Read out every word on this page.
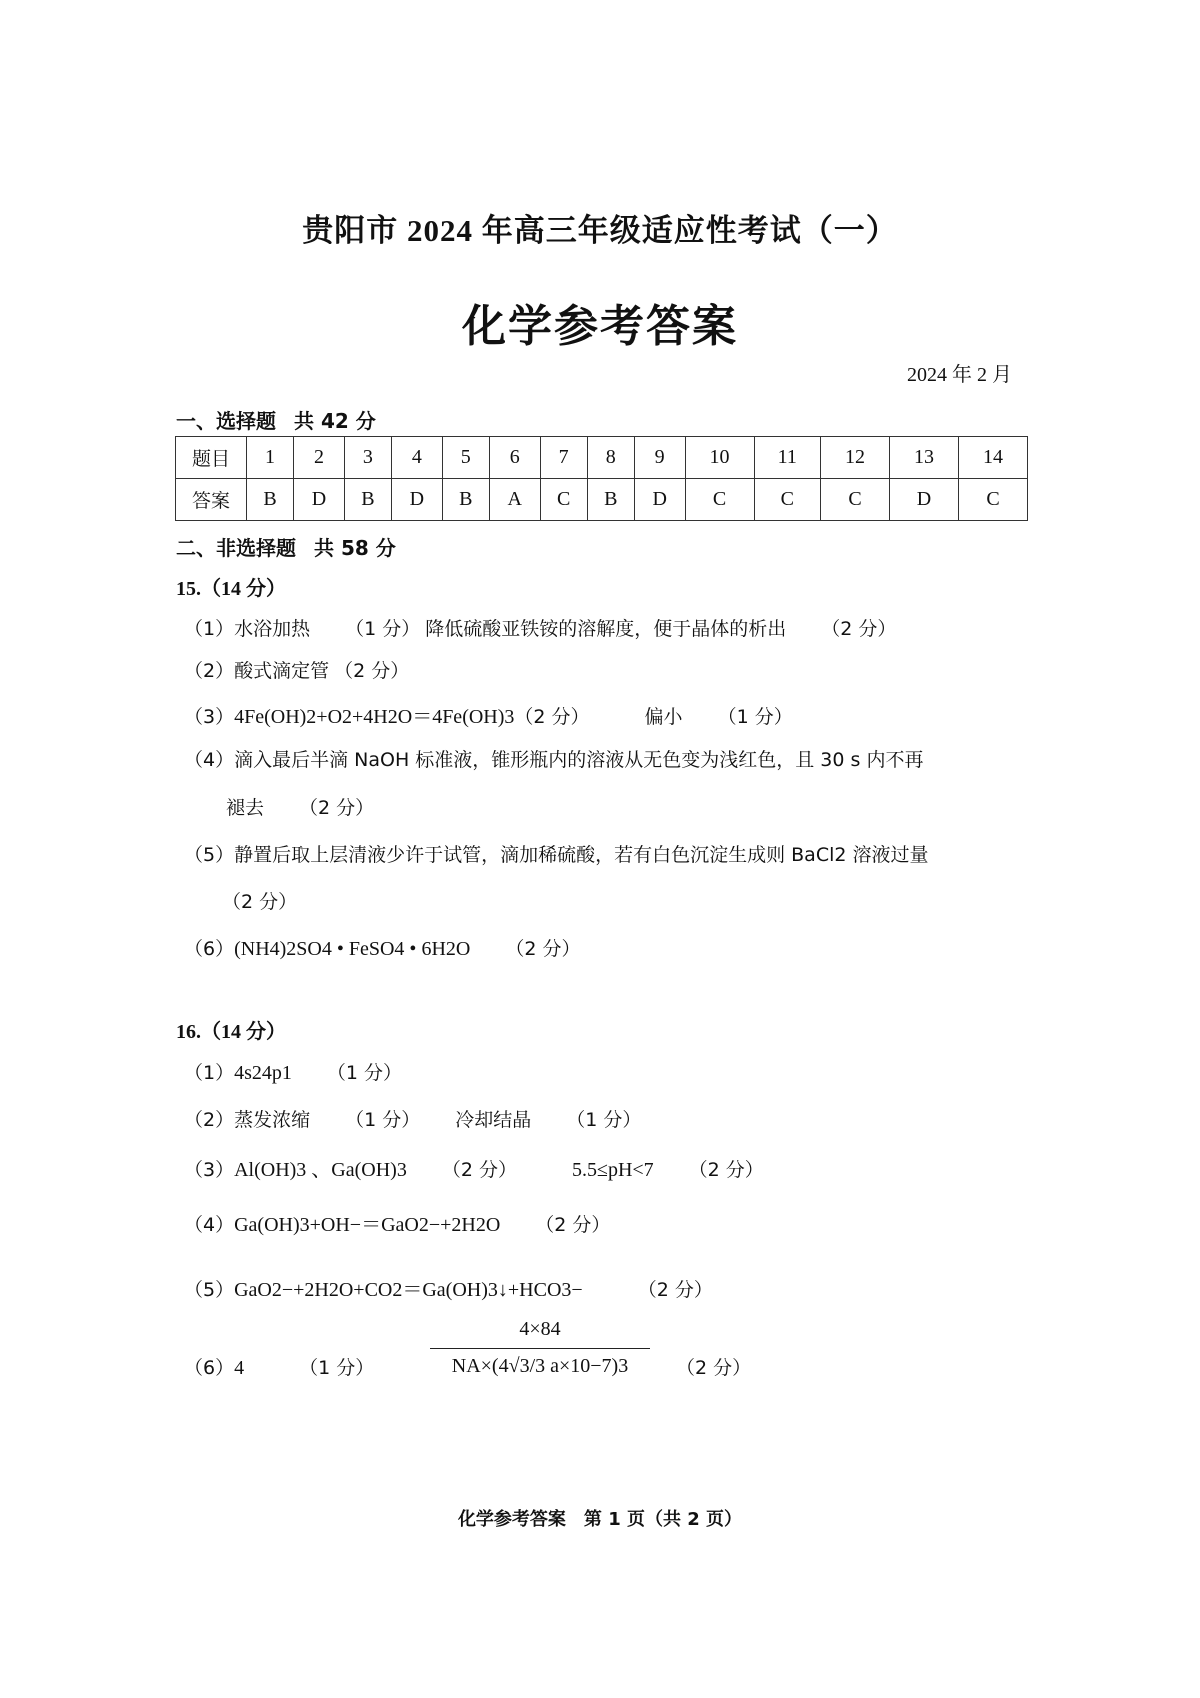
贵阳市 2024 年高三年级适应性考试（一）
化学参考答案
2024 年 2 月
一、选择题 共 42 分
题目	1	2	3	4	5	6	7	8	9	10	11	12	13	14
答案	B	D	B	D	B	A	C	B	D	C	C	C	D	C
二、非选择题 共 58 分
15.（14 分）
（1）水浴加热 （1 分） 降低硫酸亚铁铵的溶解度，便于晶体的析出 （2 分）
（2）酸式滴定管 （2 分）
（3）4Fe(OH)2+O2+4H2O＝4Fe(OH)3（2 分）	偏小 （1 分）
（4）滴入最后半滴 NaOH 标准液，锥形瓶内的溶液从无色变为浅红色，且 30 s 内不再
褪去 （2 分）
（5）静置后取上层清液少许于试管，滴加稀硫酸，若有白色沉淀生成则 BaCl2 溶液过量
（2 分）
（6）(NH4)2SO4 • FeSO4 • 6H2O （2 分）
16.（14 分）
（1）4s24p1 （1 分）
（2）蒸发浓缩 （1 分） 冷却结晶 （1 分）
（3）Al(OH)3 、Ga(OH)3 （2 分）	5.5≤pH<7 （2 分）
（4）Ga(OH)3+OH−＝GaO2−+2H2O （2 分）
（5）GaO2−+2H2O+CO2＝Ga(OH)3↓+HCO3−	（2 分）
（6）4	（1 分）
4×84
NA×(4√3/3 a×10−7)3	（2 分）
化学参考答案　第 1 页（共 2 页）
